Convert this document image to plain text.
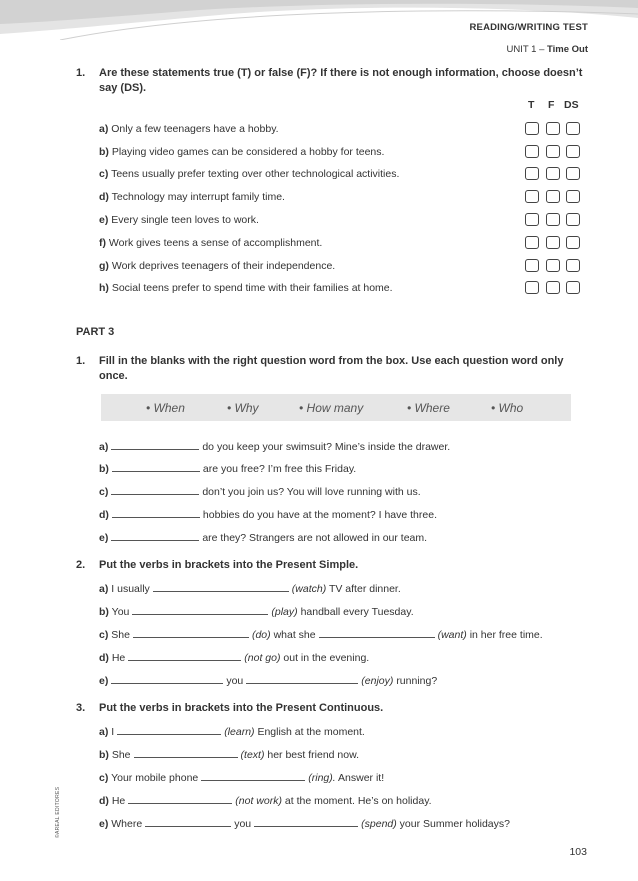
READING/WRITING TEST
UNIT 1 – Time Out
1. Are these statements true (T) or false (F)? If there is not enough information, choose doesn’t say (DS).
T F DS
a) Only a few teenagers have a hobby.
b) Playing video games can be considered a hobby for teens.
c) Teens usually prefer texting over other technological activities.
d) Technology may interrupt family time.
e) Every single teen loves to work.
f) Work gives teens a sense of accomplishment.
g) Work deprives teenagers of their independence.
h) Social teens prefer to spend time with their families at home.
PART 3
1. Fill in the blanks with the right question word from the box. Use each question word only once.
• When	• Why	• How many	• Where	• Who
a)	do you keep your swimsuit? Mine’s inside the drawer.
b)	are you free? I’m free this Friday.
c)	don’t you join us? You will love running with us.
d)	hobbies do you have at the moment? I have three.
e)	are they? Strangers are not allowed in our team.
2. Put the verbs in brackets into the Present Simple.
a) I usually	(watch) TV after dinner.
b) You	(play) handball every Tuesday.
c) She	(do) what she	(want) in her free time.
d) He	(not go) out in the evening.
e)	you	(enjoy) running?
3. Put the verbs in brackets into the Present Continuous.
a) I	(learn) English at the moment.
b) She	(text) her best friend now.
c) Your mobile phone	(ring). Answer it!
d) He	(not work) at the moment. He’s on holiday.
e) Where	you	(spend) your Summer holidays?
©AREAL EDITORES
103
